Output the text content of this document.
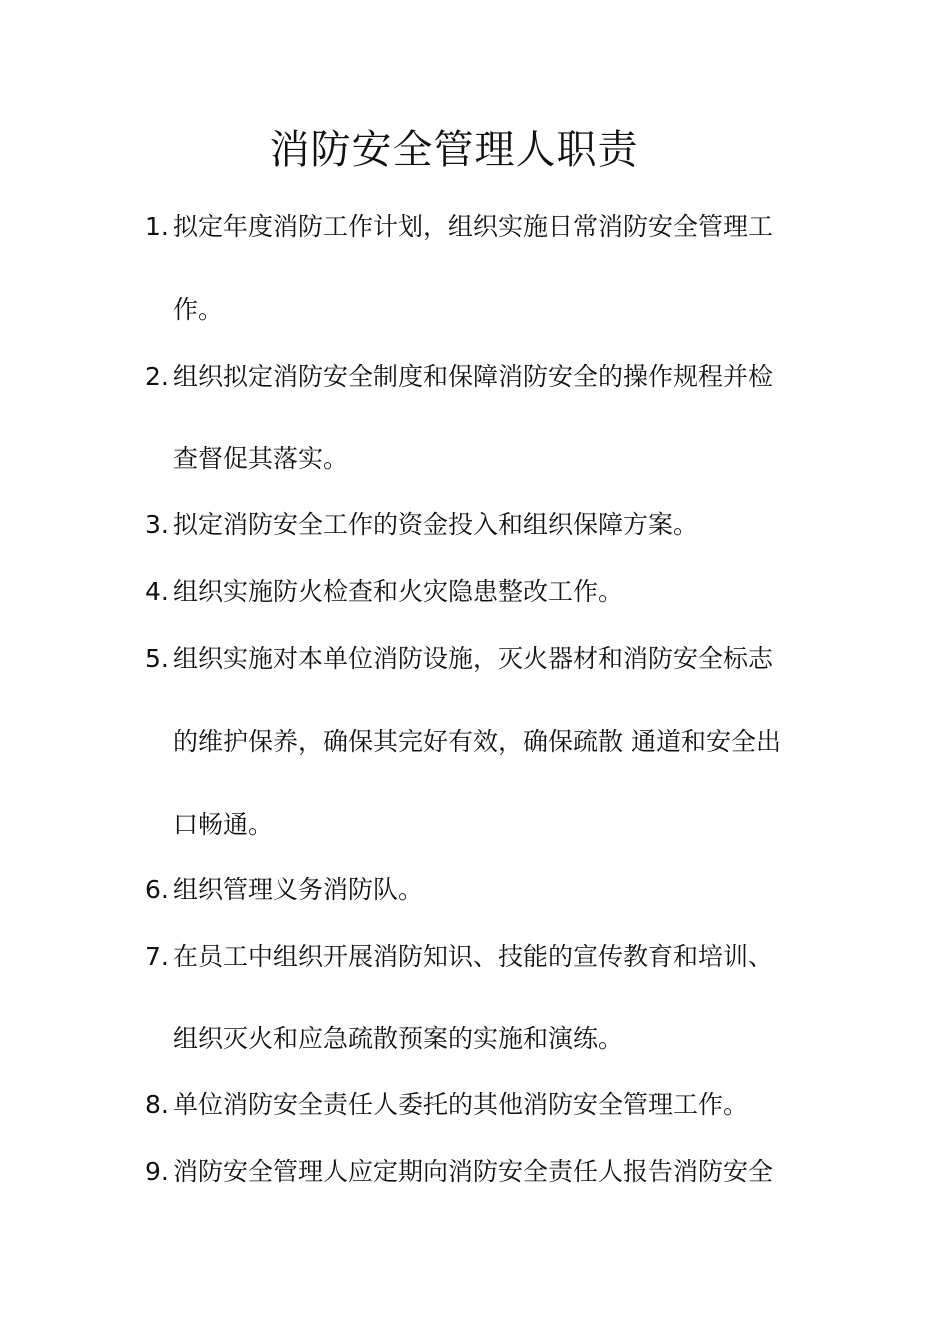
消防安全管理人职责

1. 拟定年度消防工作计划，组织实施日常消防安全管理工

作。

2. 组织拟定消防安全制度和保障消防安全的操作规程并检

查督促其落实。

3. 拟定消防安全工作的资金投入和组织保障方案。

4. 组织实施防火检查和火灾隐患整改工作。

5. 组织实施对本单位消防设施，灭火器材和消防安全标志

的维护保养，确保其完好有效，确保疏散 通道和安全出

口畅通。

6. 组织管理义务消防队。

7. 在员工中组织开展消防知识、技能的宣传教育和培训、

组织灭火和应急疏散预案的实施和演练。

8. 单位消防安全责任人委托的其他消防安全管理工作。

9. 消防安全管理人应定期向消防安全责任人报告消防安全
